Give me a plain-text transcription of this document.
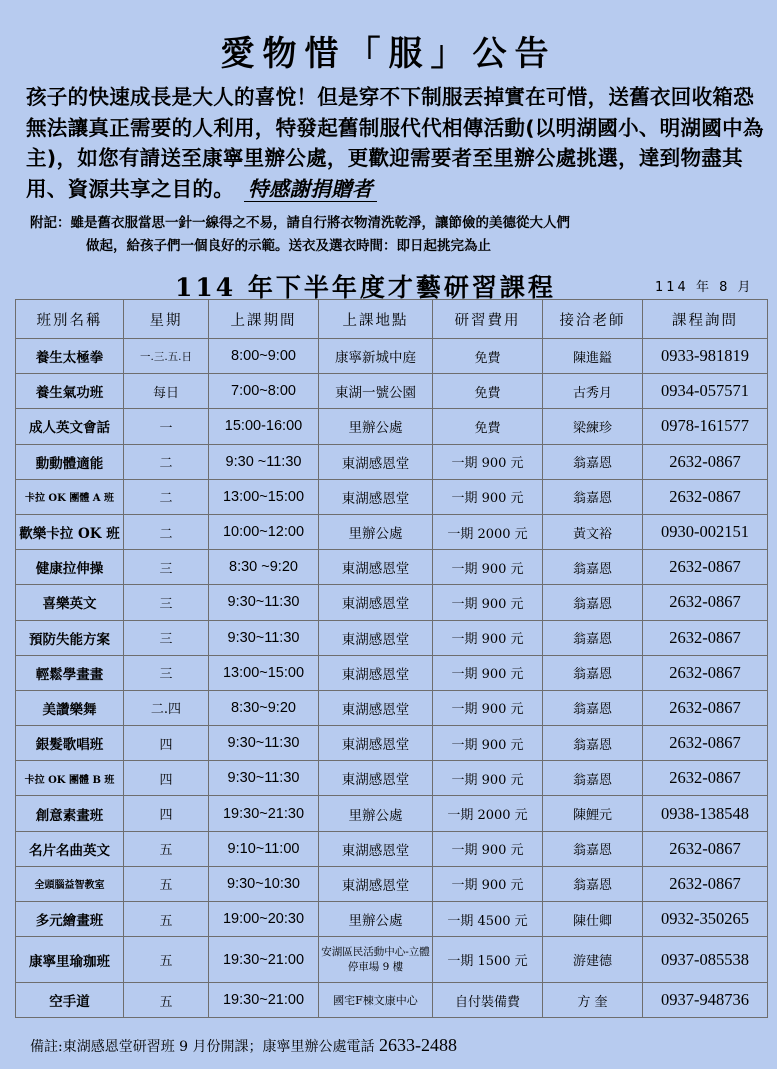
愛物惜「服」公告
孩子的快速成長是大人的喜悅！但是穿不下制服丟掉實在可惜，送舊衣回收箱恐無法讓真正需要的人利用，特發起舊制服代代相傳活動(以明湖國小、明湖國中為主)，如您有請送至康寧里辦公處，更歡迎需要者至里辦公處挑選，達到物盡其用、資源共享之目的。 特感謝捐贈者
附記：雖是舊衣服當思一針一線得之不易，請自行將衣物清洗乾淨，讓節儉的美德從大人們
做起，給孩子們一個良好的示範。送衣及選衣時間：即日起挑完為止
114 年下半年度才藝研習課程	114 年 8 月
班別名稱	星期	上課期間	上課地點	研習費用	接洽老師	課程詢問
養生太極拳	一.三.五.日	8:00~9:00	康寧新城中庭	免費	陳進鎰	0933-981819
養生氣功班	每日	7:00~8:00	東湖一號公園	免費	古秀月	0934-057571
成人英文會話	一	15:00-16:00	里辦公處	免費	梁練珍	0978-161577
動動體適能	二	9:30 ~11:30	東湖感恩堂	一期 900 元	翁嘉恩	2632-0867
卡拉 OK 團體 A 班	二	13:00~15:00	東湖感恩堂	一期 900 元	翁嘉恩	2632-0867
歡樂卡拉 OK 班	二	10:00~12:00	里辦公處	一期 2000 元	黃文裕	0930-002151
健康拉伸操	三	8:30 ~9:20	東湖感恩堂	一期 900 元	翁嘉恩	2632-0867
喜樂英文	三	9:30~11:30	東湖感恩堂	一期 900 元	翁嘉恩	2632-0867
預防失能方案	三	9:30~11:30	東湖感恩堂	一期 900 元	翁嘉恩	2632-0867
輕鬆學畫畫	三	13:00~15:00	東湖感恩堂	一期 900 元	翁嘉恩	2632-0867
美讚樂舞	二.四	8:30~9:20	東湖感恩堂	一期 900 元	翁嘉恩	2632-0867
銀髮歌唱班	四	9:30~11:30	東湖感恩堂	一期 900 元	翁嘉恩	2632-0867
卡拉 OK 團體 B 班	四	9:30~11:30	東湖感恩堂	一期 900 元	翁嘉恩	2632-0867
創意素畫班	四	19:30~21:30	里辦公處	一期 2000 元	陳鯉元	0938-138548
名片名曲英文	五	9:10~11:00	東湖感恩堂	一期 900 元	翁嘉恩	2632-0867
全頭腦益智教室	五	9:30~10:30	東湖感恩堂	一期 900 元	翁嘉恩	2632-0867
多元繪畫班	五	19:00~20:30	里辦公處	一期 4500 元	陳仕卿	0932-350265
康寧里瑜珈班	五	19:30~21:00	安湖區民活動中心-立體停車場 9 樓	一期 1500 元	游建德	0937-085538
空手道	五	19:30~21:00	國宅F棟文康中心	自付裝備費	方 奎	0937-948736
備註:東湖感恩堂研習班 9 月份開課；康寧里辦公處電話 2633-2488
